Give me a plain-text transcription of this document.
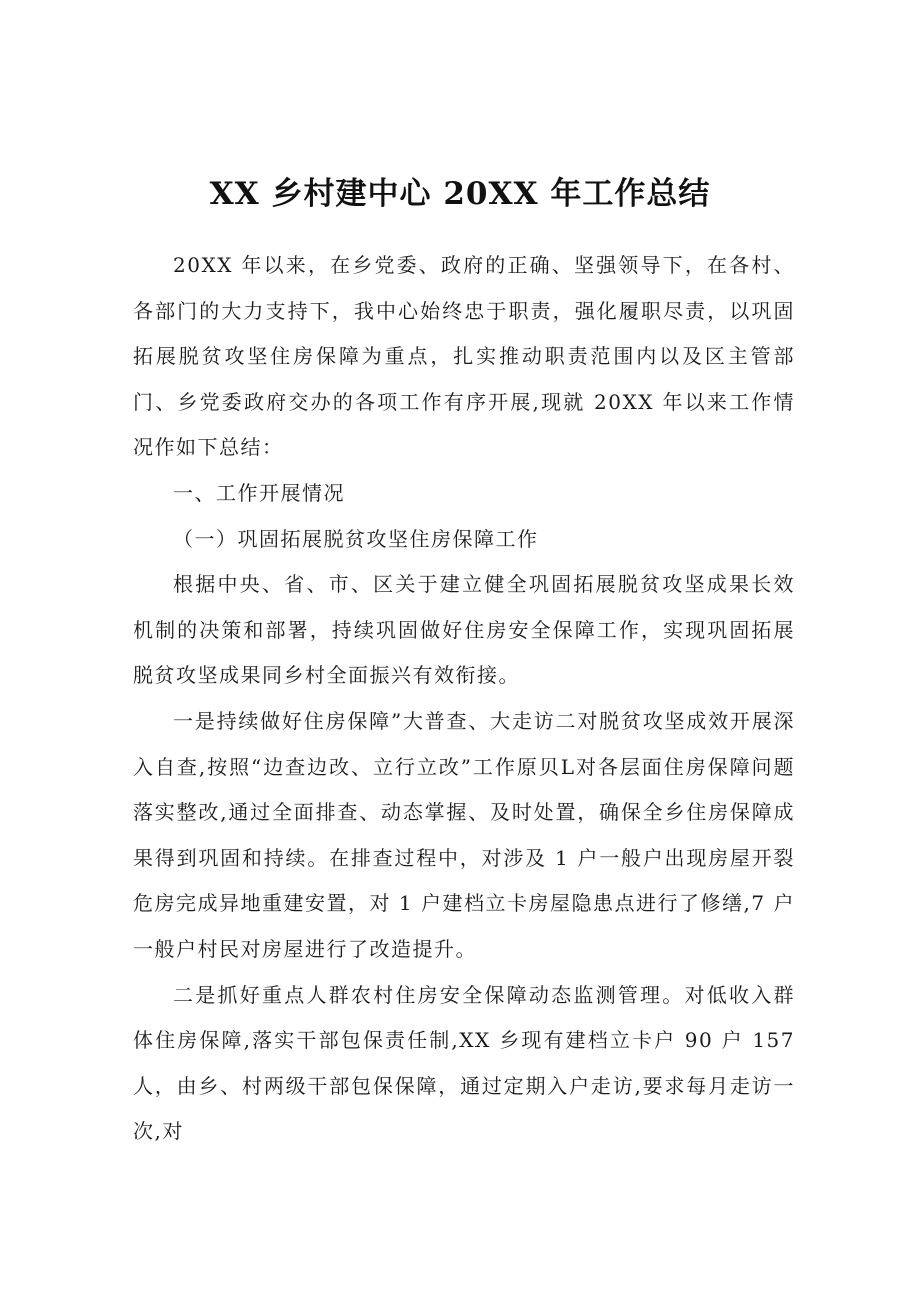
XX 乡村建中心 20XX 年工作总结

20XX 年以来，在乡党委、政府的正确、坚强领导下，在各村、各部门的大力支持下，我中心始终忠于职责，强化履职尽责，以巩固拓展脱贫攻坚住房保障为重点，扎实推动职责范围内以及区主管部门、乡党委政府交办的各项工作有序开展,现就 20XX 年以来工作情况作如下总结：

一、工作开展情况

（一）巩固拓展脱贫攻坚住房保障工作

根据中央、省、市、区关于建立健全巩固拓展脱贫攻坚成果长效机制的决策和部署，持续巩固做好住房安全保障工作，实现巩固拓展脱贫攻坚成果同乡村全面振兴有效衔接。

一是持续做好住房保障”大普查、大走访二对脱贫攻坚成效开展深入自查,按照“边查边改、立行立改”工作原贝L对各层面住房保障问题落实整改,通过全面排查、动态掌握、及时处置，确保全乡住房保障成果得到巩固和持续。在排查过程中，对涉及 1 户一般户出现房屋开裂危房完成异地重建安置，对 1 户建档立卡房屋隐患点进行了修缮,7 户一般户村民对房屋进行了改造提升。

二是抓好重点人群农村住房安全保障动态监测管理。对低收入群体住房保障,落实干部包保责任制,XX 乡现有建档立卡户 90 户 157 人，由乡、村两级干部包保保障，通过定期入户走访,要求每月走访一次,对
